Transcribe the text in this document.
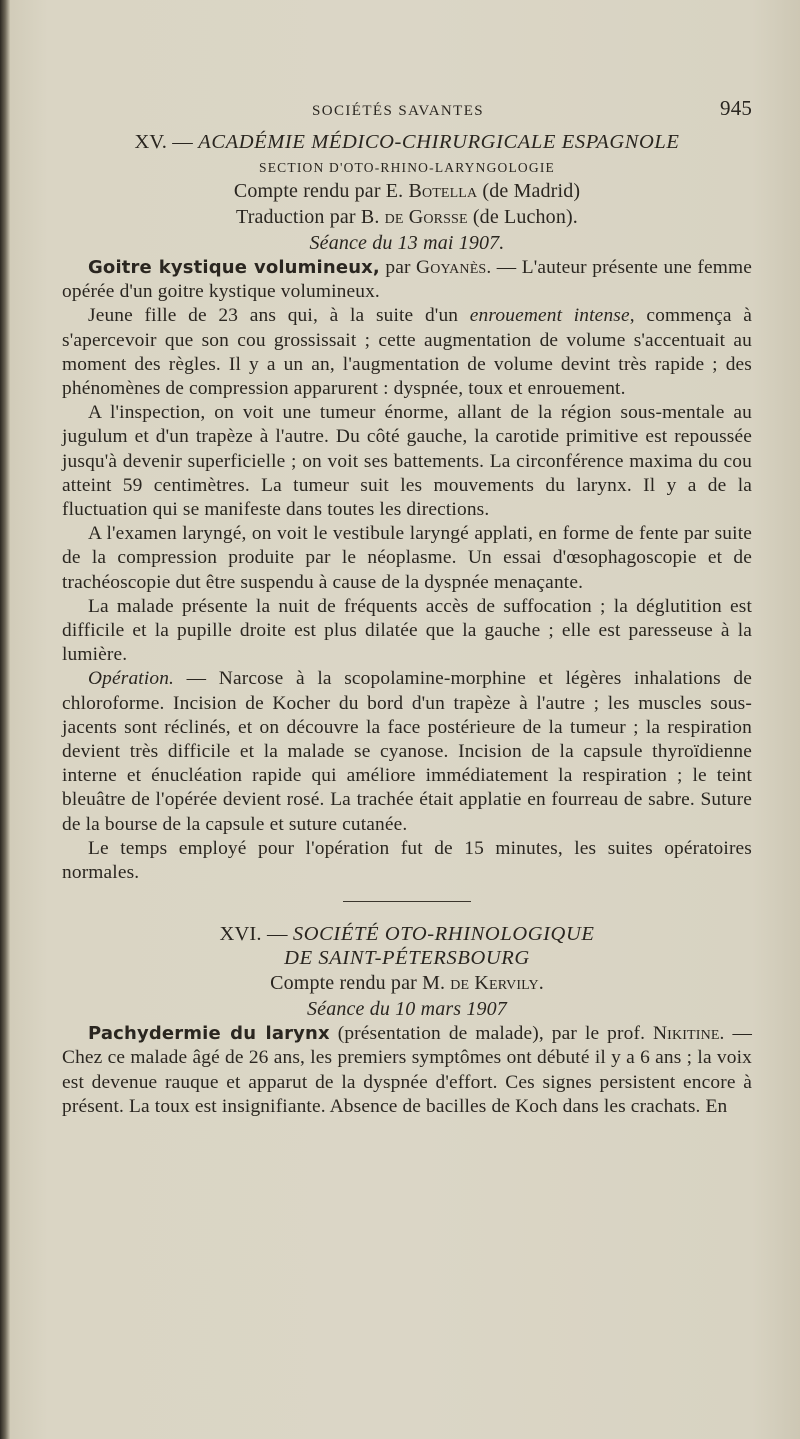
SOCIÉTÉS SAVANTES	945
XV. — ACADÉMIE MÉDICO-CHIRURGICALE ESPAGNOLE
SECTION D'OTO-RHINO-LARYNGOLOGIE
Compte rendu par E. Botella (de Madrid)
Traduction par B. de Gorsse (de Luchon).
Séance du 13 mai 1907.

Goitre kystique volumineux, par Goyanès. — L'auteur présente une femme opérée d'un goitre kystique volumineux.

Jeune fille de 23 ans qui, à la suite d'un enrouement intense, commença à s'apercevoir que son cou grossissait ; cette augmentation de volume s'accentuait au moment des règles. Il y a un an, l'augmentation de volume devint très rapide ; des phénomènes de compression apparurent : dyspnée, toux et enrouement.

A l'inspection, on voit une tumeur énorme, allant de la région sous-mentale au jugulum et d'un trapèze à l'autre. Du côté gauche, la carotide primitive est repoussée jusqu'à devenir superficielle ; on voit ses battements. La circonférence maxima du cou atteint 59 centimètres. La tumeur suit les mouvements du larynx. Il y a de la fluctuation qui se manifeste dans toutes les directions.

A l'examen laryngé, on voit le vestibule laryngé applati, en forme de fente par suite de la compression produite par le néoplasme. Un essai d'œsophagoscopie et de trachéoscopie dut être suspendu à cause de la dyspnée menaçante.

La malade présente la nuit de fréquents accès de suffocation ; la déglutition est difficile et la pupille droite est plus dilatée que la gauche ; elle est paresseuse à la lumière.

Opération. — Narcose à la scopolamine-morphine et légères inhalations de chloroforme. Incision de Kocher du bord d'un trapèze à l'autre ; les muscles sous-jacents sont réclinés, et on découvre la face postérieure de la tumeur ; la respiration devient très difficile et la malade se cyanose. Incision de la capsule thyroïdienne interne et énucléation rapide qui améliore immédiatement la respiration ; le teint bleuâtre de l'opérée devient rosé. La trachée était applatie en fourreau de sabre. Suture de la bourse de la capsule et suture cutanée.

Le temps employé pour l'opération fut de 15 minutes, les suites opératoires normales.

XVI. — SOCIÉTÉ OTO-RHINOLOGIQUE
DE SAINT-PÉTERSBOURG
Compte rendu par M. de Kervily.
Séance du 10 mars 1907

Pachydermie du larynx (présentation de malade), par le prof. Nikitine. — Chez ce malade âgé de 26 ans, les premiers symptômes ont débuté il y a 6 ans ; la voix est devenue rauque et apparut de la dyspnée d'effort. Ces signes persistent encore à présent. La toux est insignifiante. Absence de bacilles de Koch dans les crachats. En
